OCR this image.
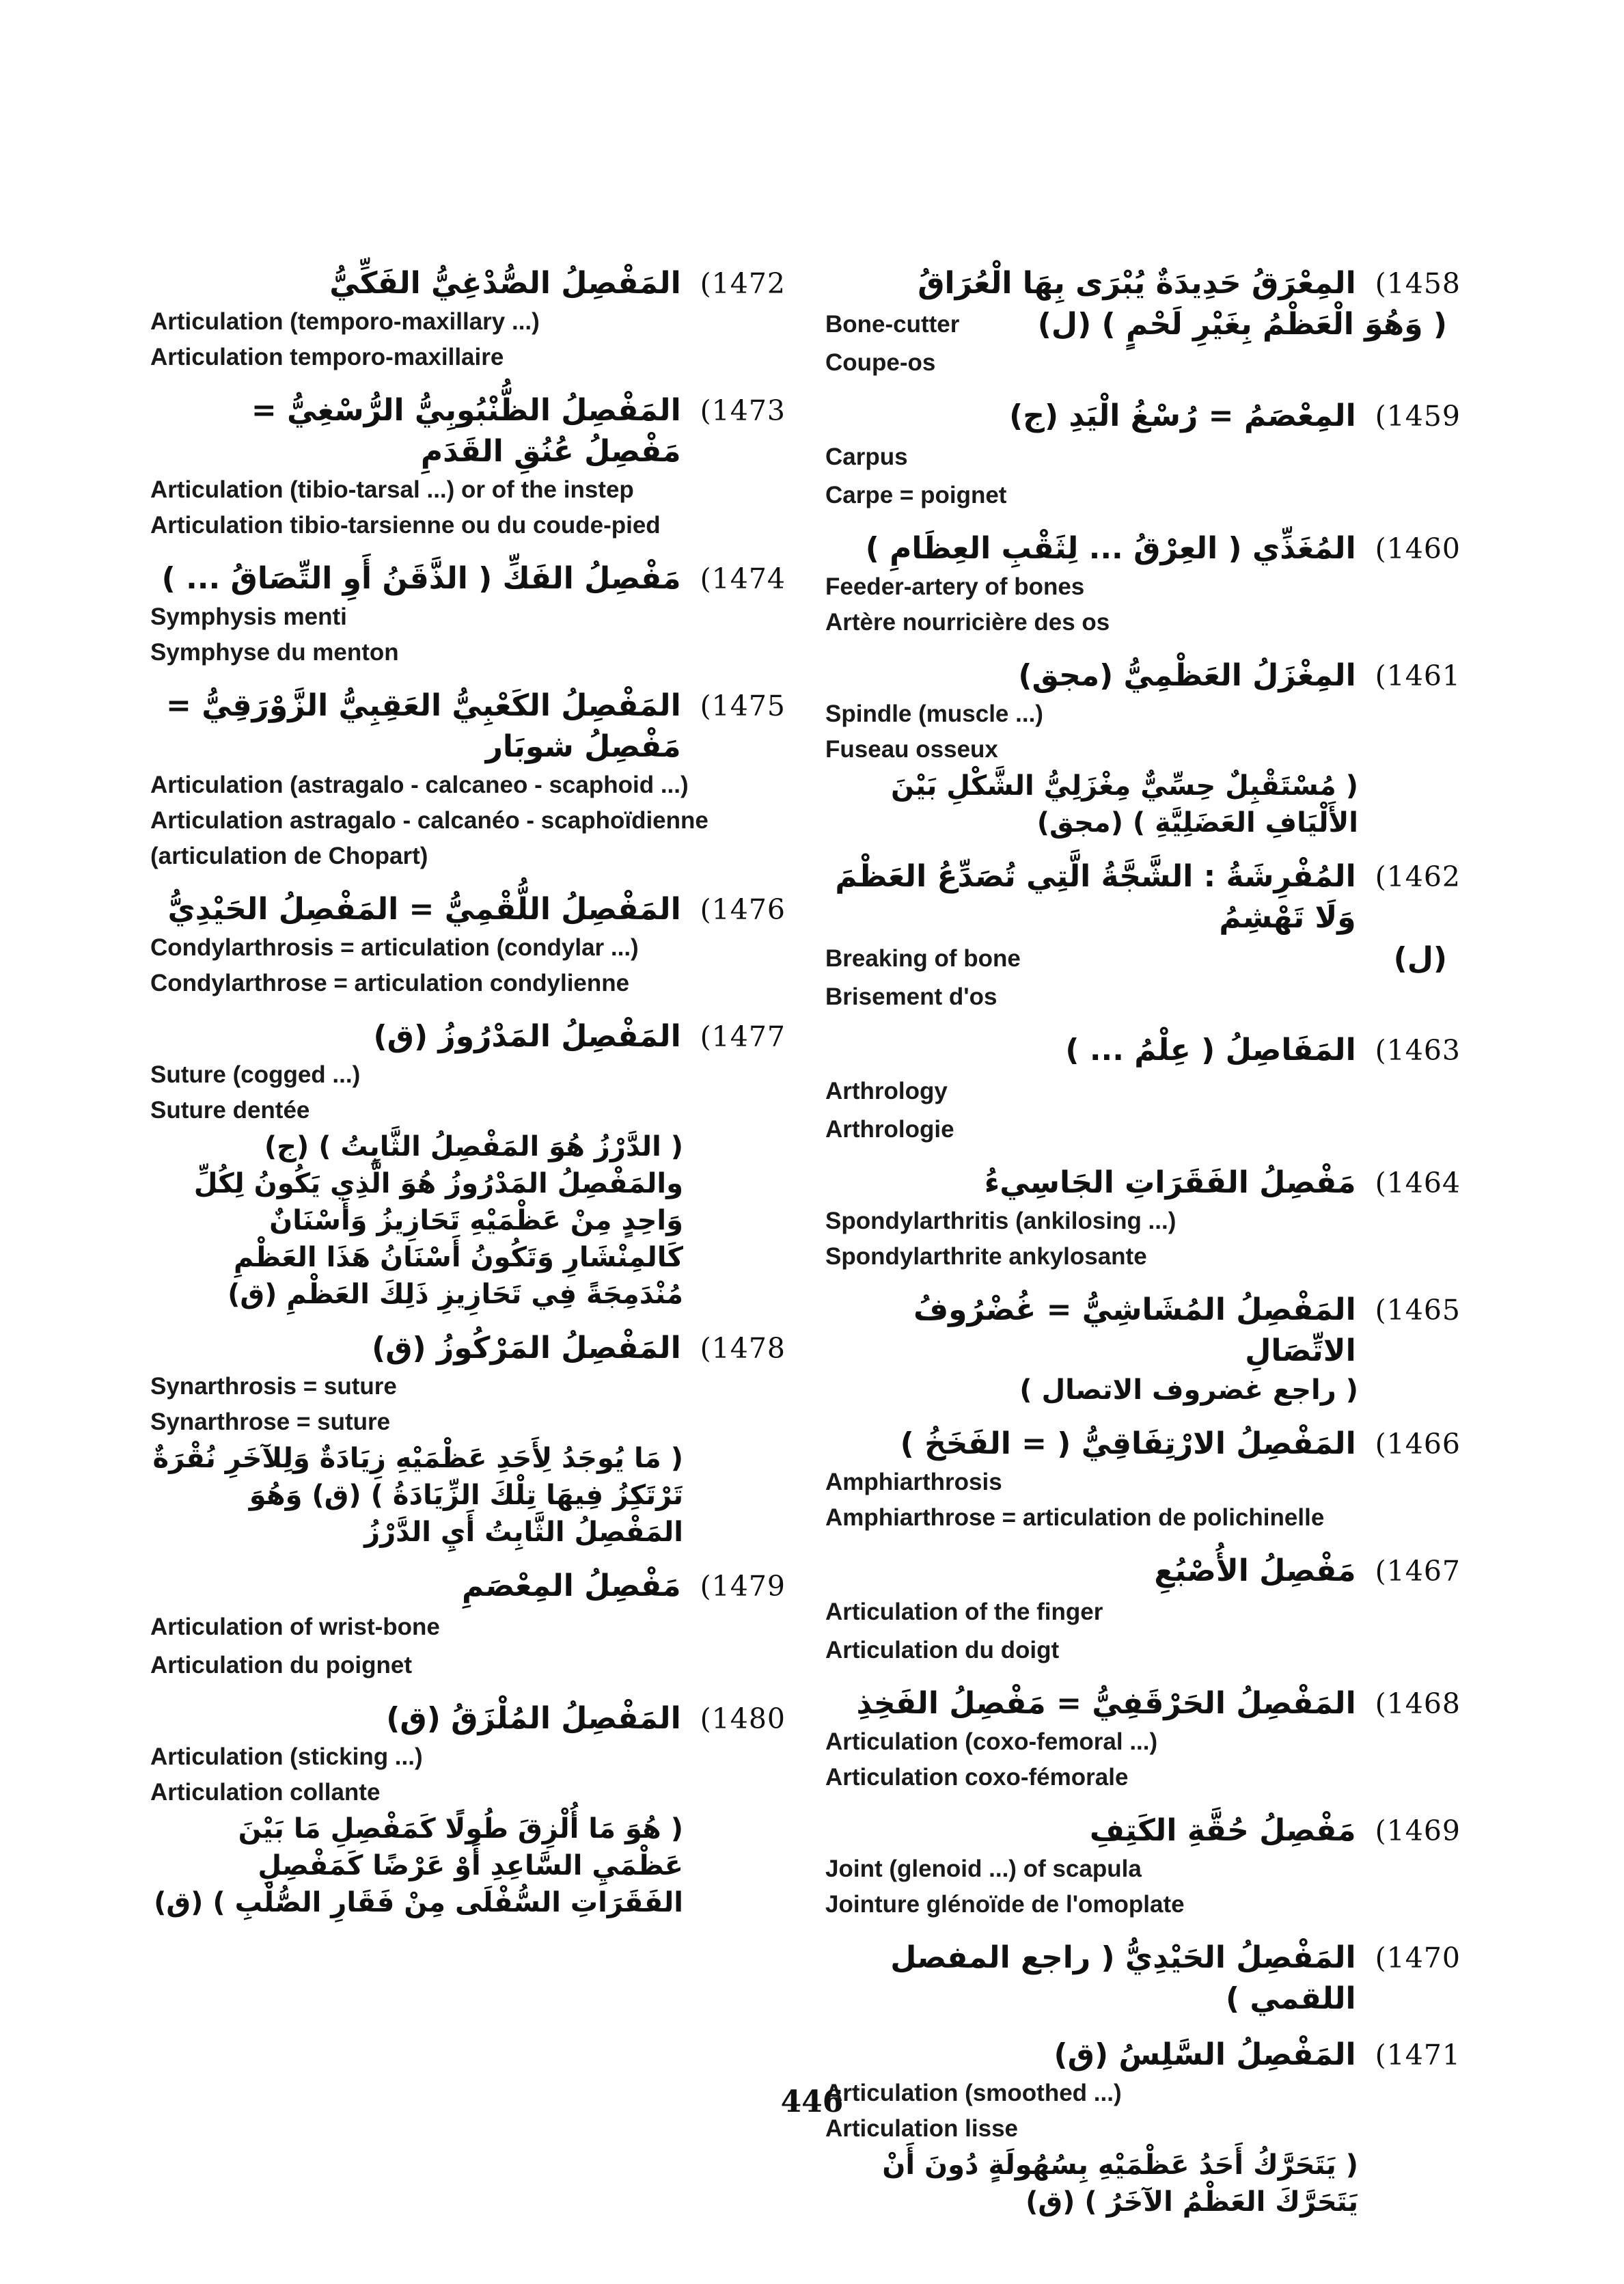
المَفْصِلُ الصُّدْغِيُّ الفَكِّيُّ (1472
Articulation (temporo-maxillary ...)
Articulation temporo-maxillaire
المَفْصِلُ الظُّنْبُوبِيُّ الرُّسْغِيُّ = مَفْصِلُ عُنُقِ القَدَمِ
(1473
Articulation (tibio-tarsal ...) or of the instep
Articulation tibio-tarsienne ou du coude-pied
مَفْصِلُ الفَكِّ ( الذَّقَنُ أَوِ التِّصَاقُ ... ) (1474
Symphysis menti
Symphyse du menton
المَفْصِلُ الكَعْبِيُّ العَقِبِيُّ الزَّوْرَقِيُّ = مَفْصِلُ شوبَار
(1475
Articulation (astragalo - calcaneo - scaphoid ...)
Articulation astragalo - calcanéo - scaphoïdienne (articulation de Chopart)
المَفْصِلُ اللُّقْمِيُّ = المَفْصِلُ الحَيْدِيُّ (1476
Condylarthrosis = articulation (condylar ...)
Condylarthrose = articulation condylienne
المَفْصِلُ المَدْرُوزُ (ق) (1477
Suture (cogged ...)
Suture dentée
( الدَّرْزُ هُوَ المَفْصِلُ الثَّابِتُ ) (ج) والمَفْصِلُ المَدْرُوزُ هُوَ الَّذِي يَكُونُ لِكُلِّ وَاحِدٍ مِنْ عَظْمَيْهِ تَحَازِيزُ وَأَسْنَانٌ كَالمِنْشَارِ وَتَكُونُ أَسْنَانُ هَذَا العَظْمِ مُنْدَمِجَةً فِي تَحَازِيزِ ذَلِكَ العَظْمِ (ق)
المَفْصِلُ المَرْكُوزُ (ق) (1478
Synarthrosis = suture
Synarthrose = suture
( مَا يُوجَدُ لِأَحَدِ عَظْمَيْهِ زِيَادَةٌ وَلِلآخَرِ نُقْرَةٌ تَرْتَكِزُ فِيهَا تِلْكَ الزِّيَادَةُ ) (ق) وَهُوَ المَفْصِلُ الثَّابِتُ أَيِ الدَّرْزُ
مَفْصِلُ المِعْصَمِ (1479
Articulation of wrist-bone
Articulation du poignet
المَفْصِلُ المُلْزَقُ (ق) (1480
Articulation (sticking ...)
Articulation collante
( هُوَ مَا أُلْزِقَ طُولًا كَمَفْصِلِ مَا بَيْنَ عَظْمَيِ السَّاعِدِ أَوْ عَرْضًا كَمَفْصِلِ الفَقَرَاتِ السُّفْلَى مِنْ فَقَارِ الصُّلْبِ ) (ق)
المِعْرَقُ حَدِيدَةٌ يُبْرَى بِهَا الْعُرَاقُ (1458
Bone-cutter	( وَهُوَ الْعَظْمُ بِغَيْرِ لَحْمٍ ) (ل)
Coupe-os
المِعْصَمُ = رُسْغُ الْيَدِ (ج) (1459
Carpus
Carpe = poignet
المُغَذِّي ( العِرْقُ ... لِثَقْبِ العِظَامِ ) (1460
Feeder-artery of bones
Artère nourricière des os
المِغْزَلُ العَظْمِيُّ (مجق) (1461
Spindle (muscle ...)
Fuseau osseux
( مُسْتَقْبِلٌ حِسِّيٌّ مِغْزَلِيُّ الشَّكْلِ بَيْنَ الأَلْيَافِ العَضَلِيَّةِ ) (مجق)
المُفْرِشَةُ : الشَّجَّةُ الَّتِي تُصَدِّعُ العَظْمَ وَلَا تَهْشِمُ
(1462
Breaking of bone	(ل)
Brisement d'os
المَفَاصِلُ ( عِلْمُ ... ) (1463
Arthrology
Arthrologie
مَفْصِلُ الفَقَرَاتِ الجَاسِيءُ (1464
Spondylarthritis (ankilosing ...)
Spondylarthrite ankylosante
المَفْصِلُ المُشَاشِيُّ = غُضْرُوفُ الاتِّصَالِ
(1465
( راجع غضروف الاتصال )
المَفْصِلُ الارْتِفَاقِيُّ ( = الفَخَخُ ) (1466
Amphiarthrosis
Amphiarthrose = articulation de polichinelle
مَفْصِلُ الأُصْبُعِ (1467
Articulation of the finger
Articulation du doigt
المَفْصِلُ الحَرْقَفِيُّ = مَفْصِلُ الفَخِذِ (1468
Articulation (coxo-femoral ...)
Articulation coxo-fémorale
مَفْصِلُ حُقَّةِ الكَتِفِ (1469
Joint (glenoid ...) of scapula
Jointure glénoïde de l'omoplate
المَفْصِلُ الحَيْدِيُّ ( راجع المفصل اللقمي )
(1470
المَفْصِلُ السَّلِسُ (ق) (1471
Articulation (smoothed ...)
Articulation lisse
( يَتَحَرَّكُ أَحَدُ عَظْمَيْهِ بِسُهُولَةٍ دُونَ أَنْ يَتَحَرَّكَ العَظْمُ الآخَرُ ) (ق)
446
